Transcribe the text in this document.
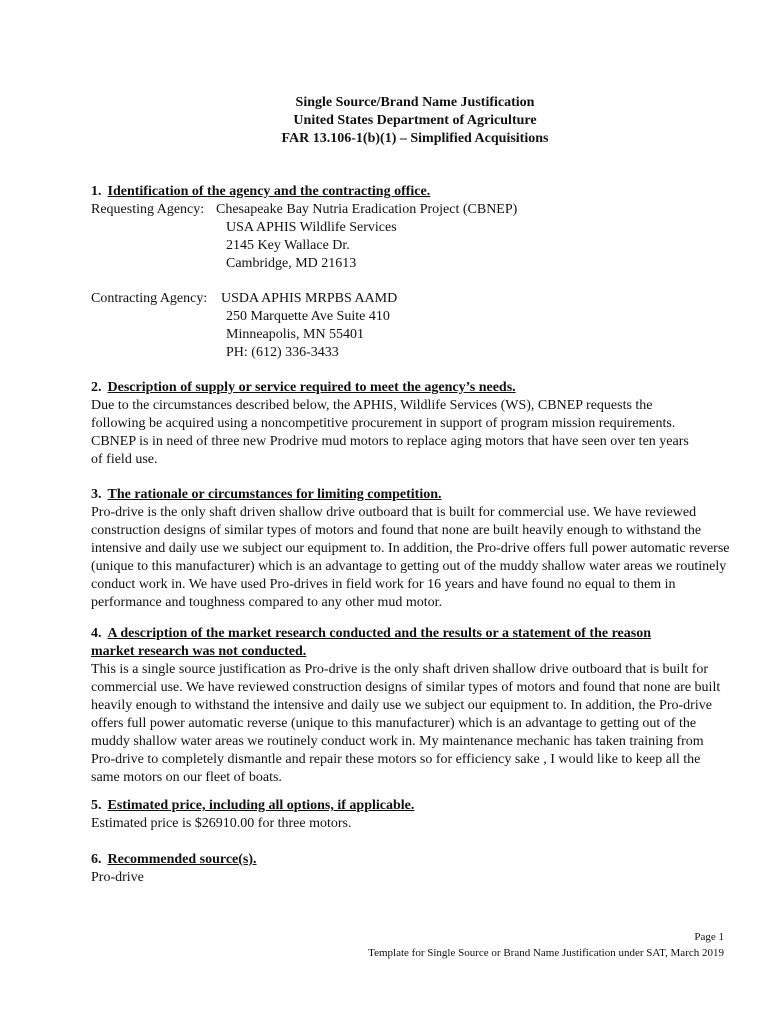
Single Source/Brand Name Justification
United States Department of Agriculture
FAR 13.106-1(b)(1) – Simplified Acquisitions
1. Identification of the agency and the contracting office.
Requesting Agency: Chesapeake Bay Nutria Eradication Project (CBNEP)
USA APHIS Wildlife Services
2145 Key Wallace Dr.
Cambridge, MD 21613
Contracting Agency: USDA APHIS MRPBS AAMD
250 Marquette Ave Suite 410
Minneapolis, MN 55401
PH: (612) 336-3433
2. Description of supply or service required to meet the agency’s needs.
Due to the circumstances described below, the APHIS, Wildlife Services (WS), CBNEP requests the following be acquired using a noncompetitive procurement in support of program mission requirements. CBNEP is in need of three new Prodrive mud motors to replace aging motors that have seen over ten years of field use.
3. The rationale or circumstances for limiting competition.
Pro-drive is the only shaft driven shallow drive outboard that is built for commercial use. We have reviewed construction designs of similar types of motors and found that none are built heavily enough to withstand the intensive and daily use we subject our equipment to. In addition, the Pro-drive offers full power automatic reverse (unique to this manufacturer) which is an advantage to getting out of the muddy shallow water areas we routinely conduct work in. We have used Pro-drives in field work for 16 years and have found no equal to them in performance and toughness compared to any other mud motor.
4. A description of the market research conducted and the results or a statement of the reason
market research was not conducted.
This is a single source justification as Pro-drive is the only shaft driven shallow drive outboard that is built for commercial use. We have reviewed construction designs of similar types of motors and found that none are built heavily enough to withstand the intensive and daily use we subject our equipment to. In addition, the Pro-drive offers full power automatic reverse (unique to this manufacturer) which is an advantage to getting out of the muddy shallow water areas we routinely conduct work in. My maintenance mechanic has taken training from Pro-drive to completely dismantle and repair these motors so for efficiency sake , I would like to keep all the same motors on our fleet of boats.
5. Estimated price, including all options, if applicable.
Estimated price is $26910.00 for three motors.
6. Recommended source(s).
Pro-drive
Page 1
Template for Single Source or Brand Name Justification under SAT, March 2019
